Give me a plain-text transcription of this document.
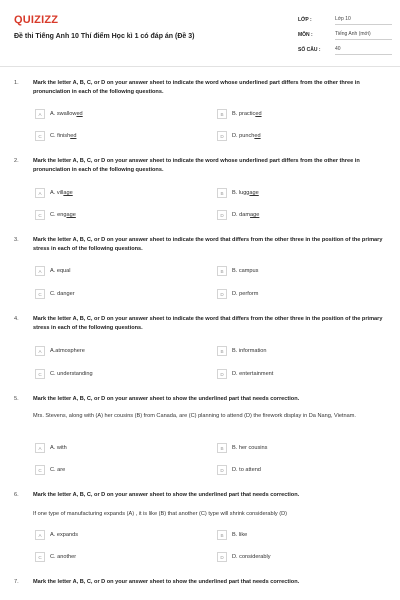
QUIZIZZ
Đề thi Tiếng Anh 10 Thí điểm Học kì 1 có đáp án (Đề 3)
LỚP :	Lớp 10
MÔN :	Tiếng Anh (mới)
SỐ CÂU :	40
1.	Mark the letter A, B, C, or D on your answer sheet to indicate the word whose underlined part differs from the other three in pronunciation in each of the following questions.
A	A. swallowed	B	B. practiced
C	C. finished	D	D. punched
2.	Mark the letter A, B, C, or D on your answer sheet to indicate the word whose underlined part differs from the other three in pronunciation in each of the following questions.
A	A. village	B	B. luggage
C	C. engage	D	D. damage
3.	Mark the letter A, B, C, or D on your answer sheet to indicate the word that differs from the other three in the position of the primary stress in each of the following questions.
A	A. equal	B	B. campus
C	C. danger	D	D. perform
4.	Mark the letter A, B, C, or D on your answer sheet to indicate the word that differs from the other three in the position of the primary stress in each of the following questions.
A	A.atmosphere	B	B. information
C	C. understanding	D	D. entertainment
5.	Mark the letter A, B, C, or D on your answer sheet to show the underlined part that needs correction.
Mrs. Stevens, along with (A) her cousins (B) from Canada, are (C) planning to attend (D) the firework display in Da Nang, Vietnam.
A	A. with	B	B. her cousins
C	C. are	D	D. to attend
6.	Mark the letter A, B, C, or D on your answer sheet to show the underlined part that needs correction.
If one type of manufacturing expands (A) , it is like (B) that another (C) type will shrink considerably (D)
A	A. expands	B	B. like
C	C. another	D	D. considerably
7.	Mark the letter A, B, C, or D on your answer sheet to show the underlined part that needs correction.
